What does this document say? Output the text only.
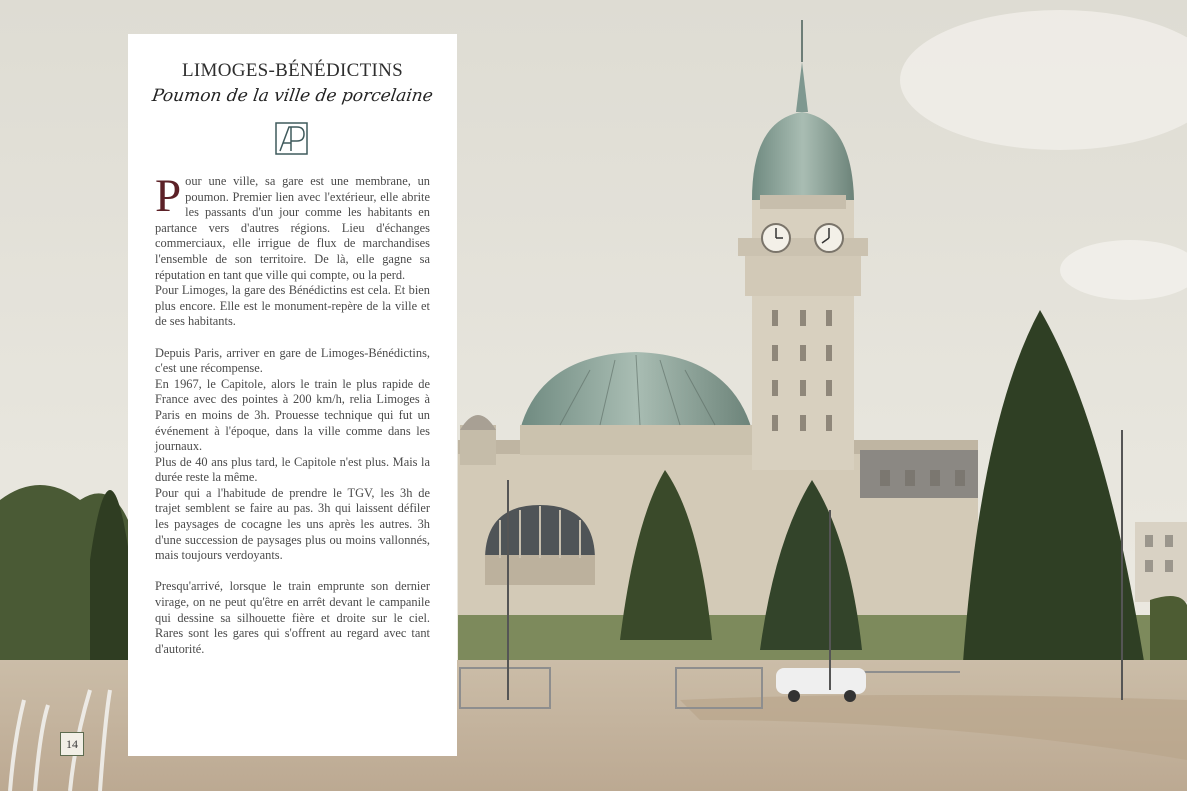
LIMOGES-BÉNÉDICTINS
Poumon de la ville de porcelaine

Pour une ville, sa gare est une membrane, un poumon. Premier lien avec l'extérieur, elle abrite les passants d'un jour comme les habitants en partance vers d'autres régions. Lieu d'échanges commerciaux, elle irrigue de flux de marchandises l'ensemble de son territoire. De là, elle gagne sa réputation en tant que ville qui compte, ou la perd.

Pour Limoges, la gare des Bénédictins est cela. Et bien plus encore. Elle est le monument-repère de la ville et de ses habitants.

Depuis Paris, arriver en gare de Limoges-Bénédictins, c'est une récompense.

En 1967, le Capitole, alors le train le plus rapide de France avec des pointes à 200 km/h, relia Limoges à Paris en moins de 3h. Prouesse technique qui fut un événement à l'époque, dans la ville comme dans les journaux.

Plus de 40 ans plus tard, le Capitole n'est plus. Mais la durée reste la même.

Pour qui a l'habitude de prendre le TGV, les 3h de trajet semblent se faire au pas. 3h qui laissent défiler les paysages de cocagne les uns après les autres. 3h d'une succession de paysages plus ou moins vallonnés, mais toujours verdoyants.

Presqu'arrivé, lorsque le train emprunte son dernier virage, on ne peut qu'être en arrêt devant le campanile qui dessine sa silhouette fière et droite sur le ciel. Rares sont les gares qui s'offrent au regard avec tant d'autorité.

14
